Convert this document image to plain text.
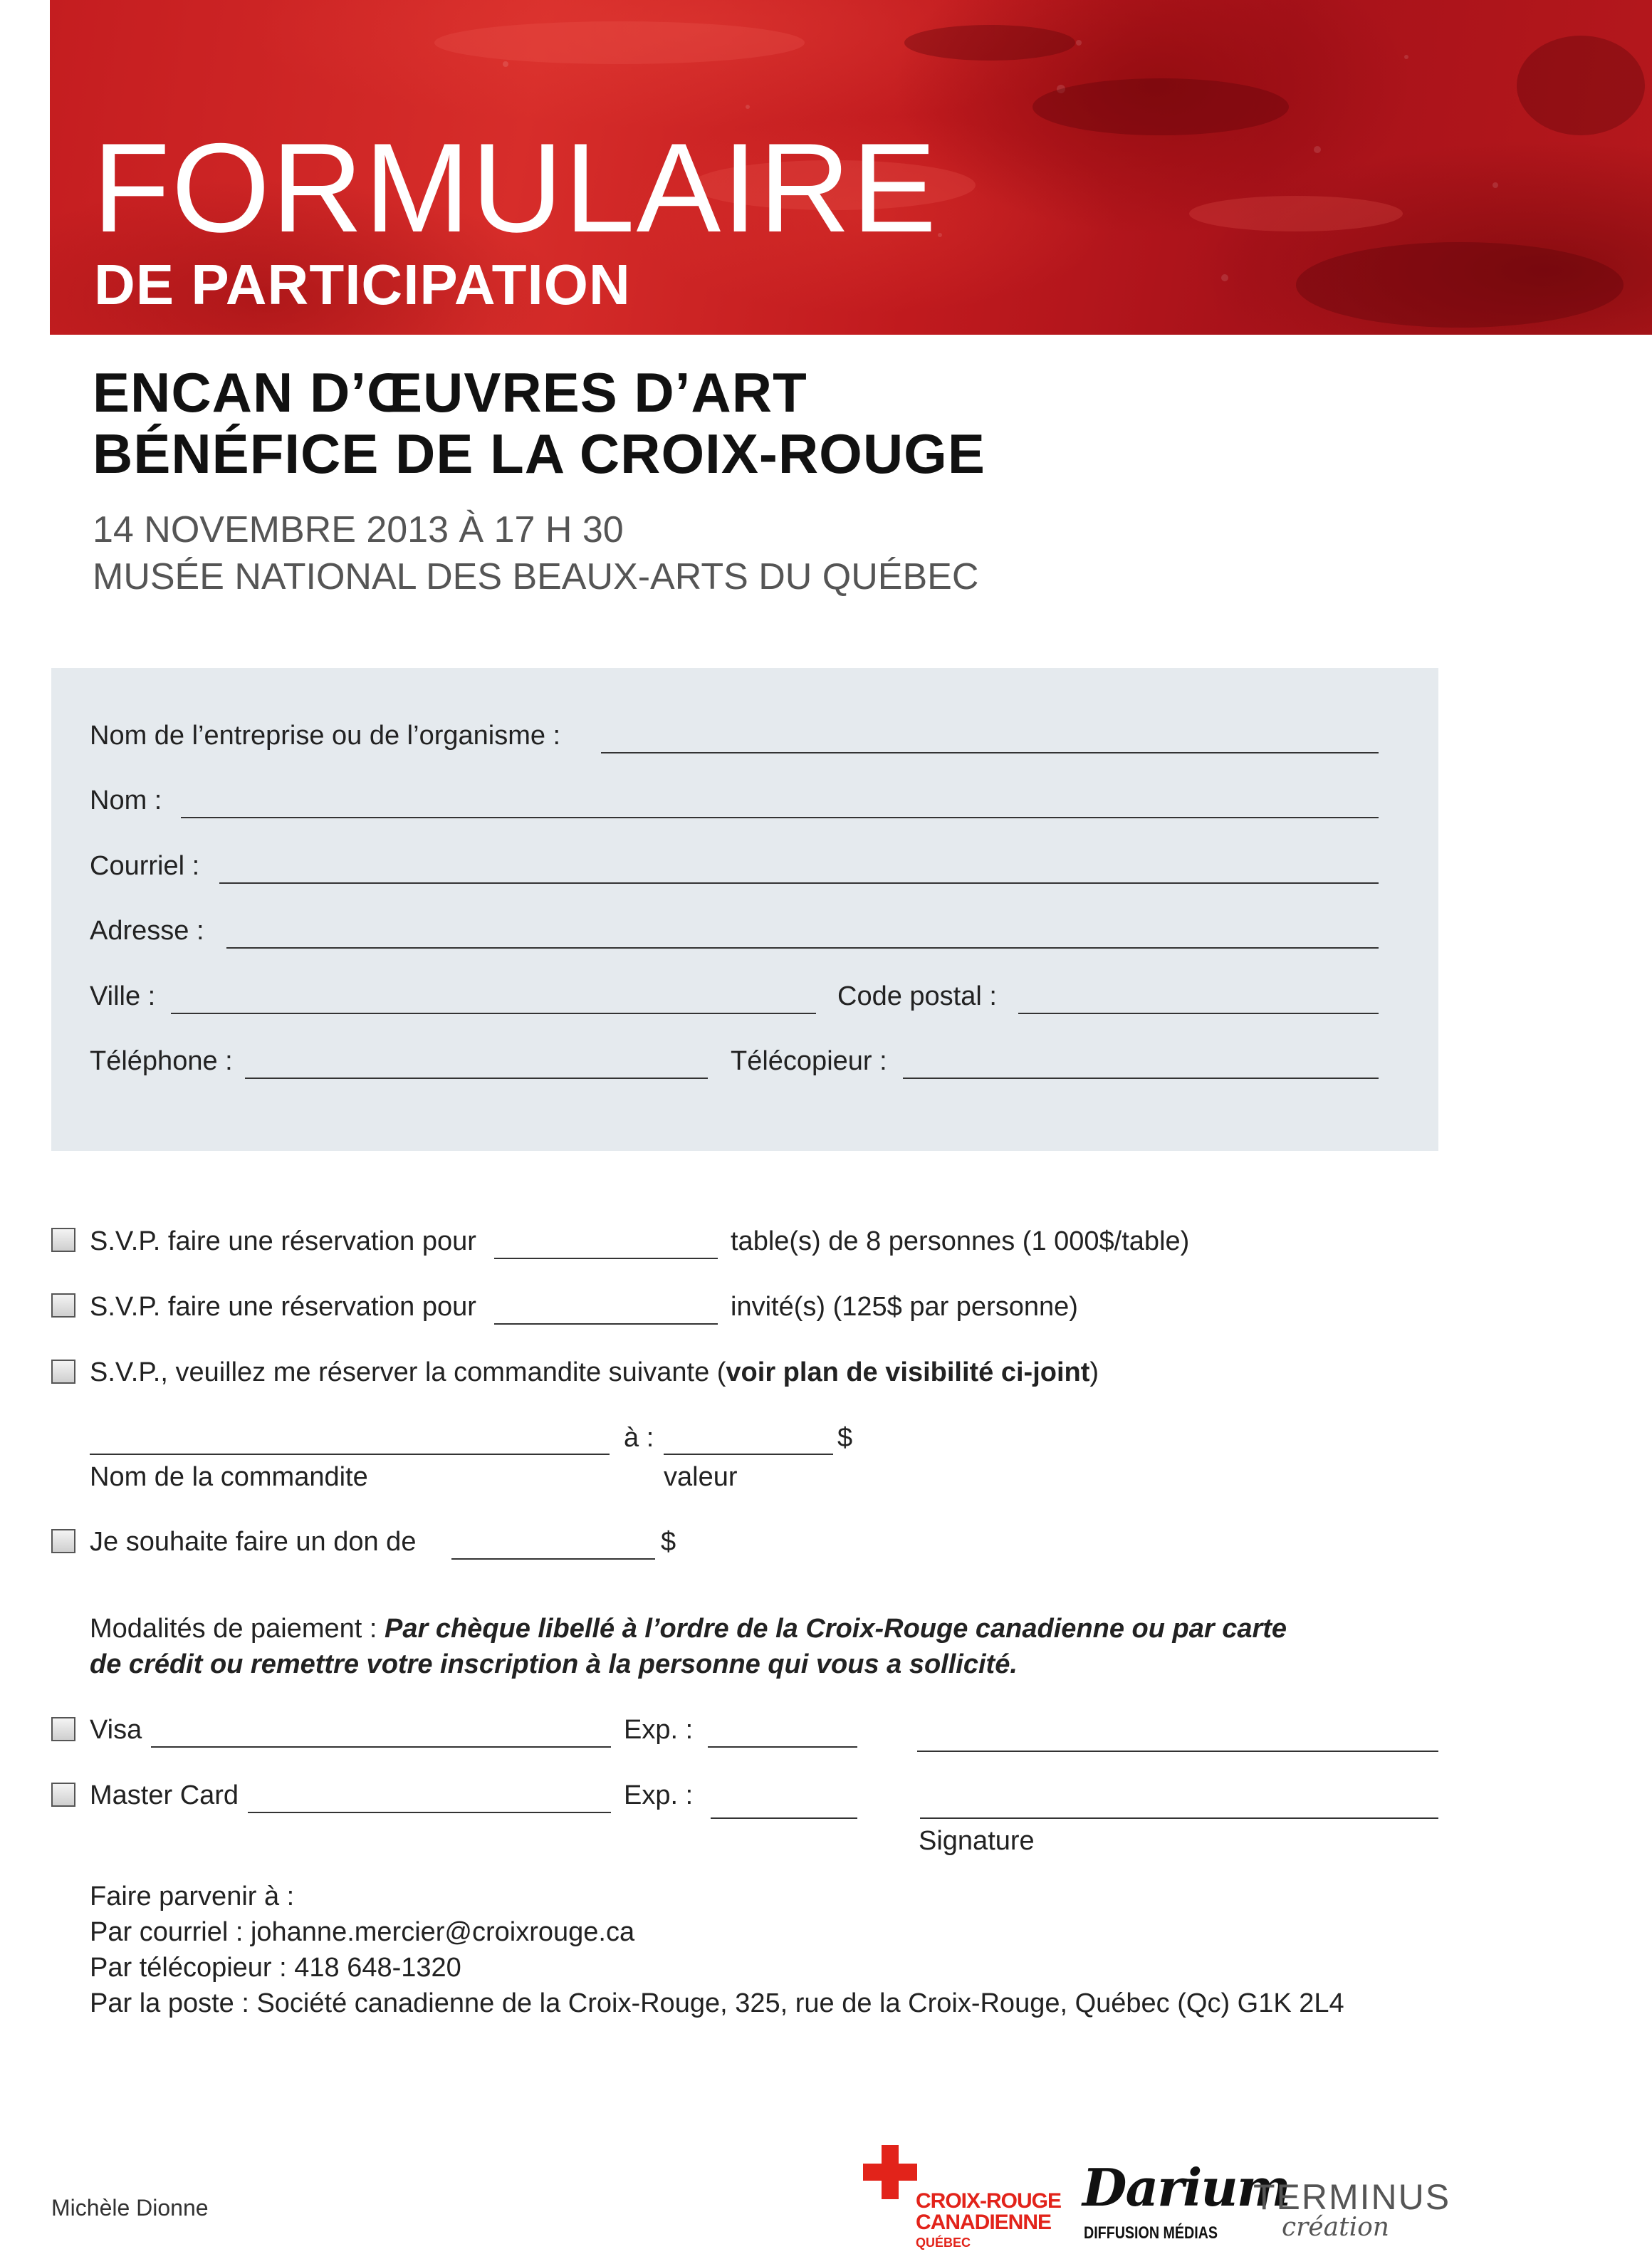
FORMULAIRE
DE PARTICIPATION
ENCAN D’ŒUVRES D’ART
BÉNÉFICE DE LA CROIX-ROUGE
14 NOVEMBRE 2013 À 17 H 30
MUSÉE NATIONAL DES BEAUX-ARTS DU QUÉBEC
Nom de l’entreprise ou de l’organisme :
Nom :
Courriel :
Adresse :
Ville :	Code postal :
Téléphone :	Télécopieur :
S.V.P. faire une réservation pour	table(s) de 8 personnes (1 000$/table)
S.V.P. faire une réservation pour	invité(s) (125$ par personne)
S.V.P., veuillez me réserver la commandite suivante (voir plan de visibilité ci-joint)
à :	$
Nom de la commandite	valeur
Je souhaite faire un don de	$
Modalités de paiement : Par chèque libellé à l’ordre de la Croix-Rouge canadienne ou par carte
de crédit ou remettre votre inscription à la personne qui vous a sollicité.
Visa	Exp. :
Master Card	Exp. :
Signature
Faire parvenir à :
Par courriel : johanne.mercier@croixrouge.ca
Par télécopieur : 418 648-1320
Par la poste : Société canadienne de la Croix-Rouge, 325, rue de la Croix-Rouge, Québec (Qc) G1K 2L4
Michèle Dionne	CROIX-ROUGE
CANADIENNE
QUÉBEC
Darium
DIFFUSION MÉDIAS
TERMINUS
création
